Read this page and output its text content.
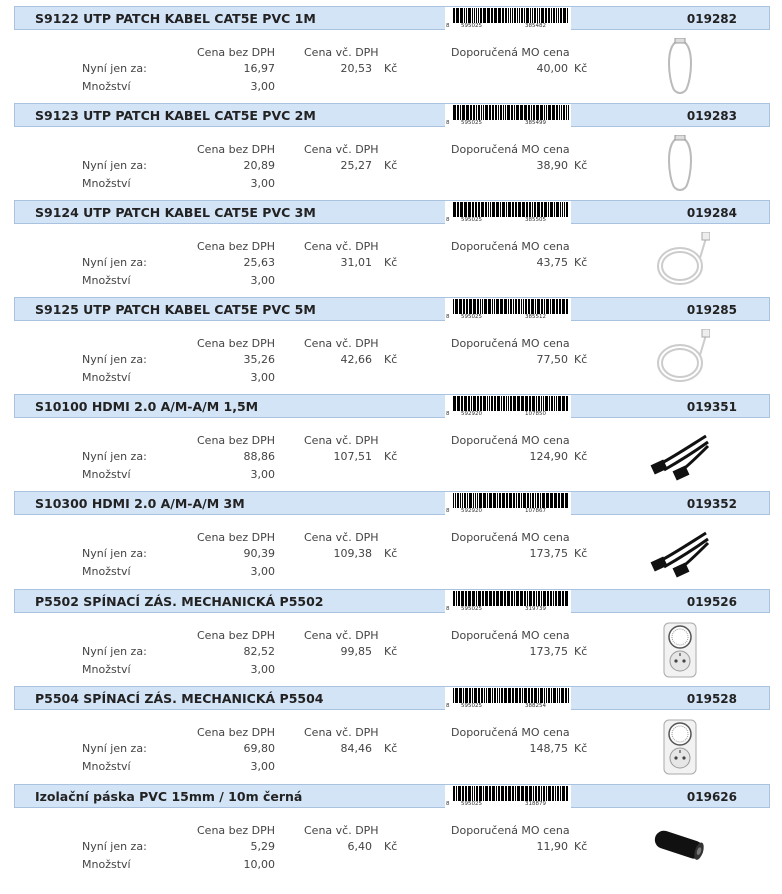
S9122 UTP PATCH KABEL CAT5E PVC 1M	8 595025	385482	019282
Cena bez DPH	Cena vč. DPH	Doporučená MO cena
Nyní jen za:	16,97	20,53 Kč	40,00 Kč
Množství	3,00
S9123 UTP PATCH KABEL CAT5E PVC 2M	8 595025	385499	019283
Cena bez DPH	Cena vč. DPH	Doporučená MO cena
Nyní jen za:	20,89	25,27 Kč	38,90 Kč
Množství	3,00
S9124 UTP PATCH KABEL CAT5E PVC 3M	8 595025	385505	019284
Cena bez DPH	Cena vč. DPH	Doporučená MO cena
Nyní jen za:	25,63	31,01 Kč	43,75 Kč
Množství	3,00
S9125 UTP PATCH KABEL CAT5E PVC 5M	8 595025	385512	019285
Cena bez DPH	Cena vč. DPH	Doporučená MO cena
Nyní jen za:	35,26	42,66 Kč	77,50 Kč
Množství	3,00
S10100 HDMI 2.0 A/M-A/M 1,5M	8 592920	107850	019351
Cena bez DPH	Cena vč. DPH	Doporučená MO cena
Nyní jen za:	88,86	107,51 Kč	124,90 Kč
Množství	3,00
S10300 HDMI 2.0 A/M-A/M 3M	8 592920	107867	019352
Cena bez DPH	Cena vč. DPH	Doporučená MO cena
Nyní jen za:	90,39	109,38 Kč	173,75 Kč
Množství	3,00
P5502 SPÍNACÍ ZÁS. MECHANICKÁ P5502	8 595025	319739	019526
Cena bez DPH	Cena vč. DPH	Doporučená MO cena
Nyní jen za:	82,52	99,85 Kč	173,75 Kč
Množství	3,00
P5504 SPÍNACÍ ZÁS. MECHANICKÁ P5504	8 595025	388254	019528
Cena bez DPH	Cena vč. DPH	Doporučená MO cena
Nyní jen za:	69,80	84,46 Kč	148,75 Kč
Množství	3,00
Izolační páska PVC 15mm / 10m černá	8 595025	318879	019626
Cena bez DPH	Cena vč. DPH	Doporučená MO cena
Nyní jen za:	5,29	6,40 Kč	11,90 Kč
Množství	10,00
